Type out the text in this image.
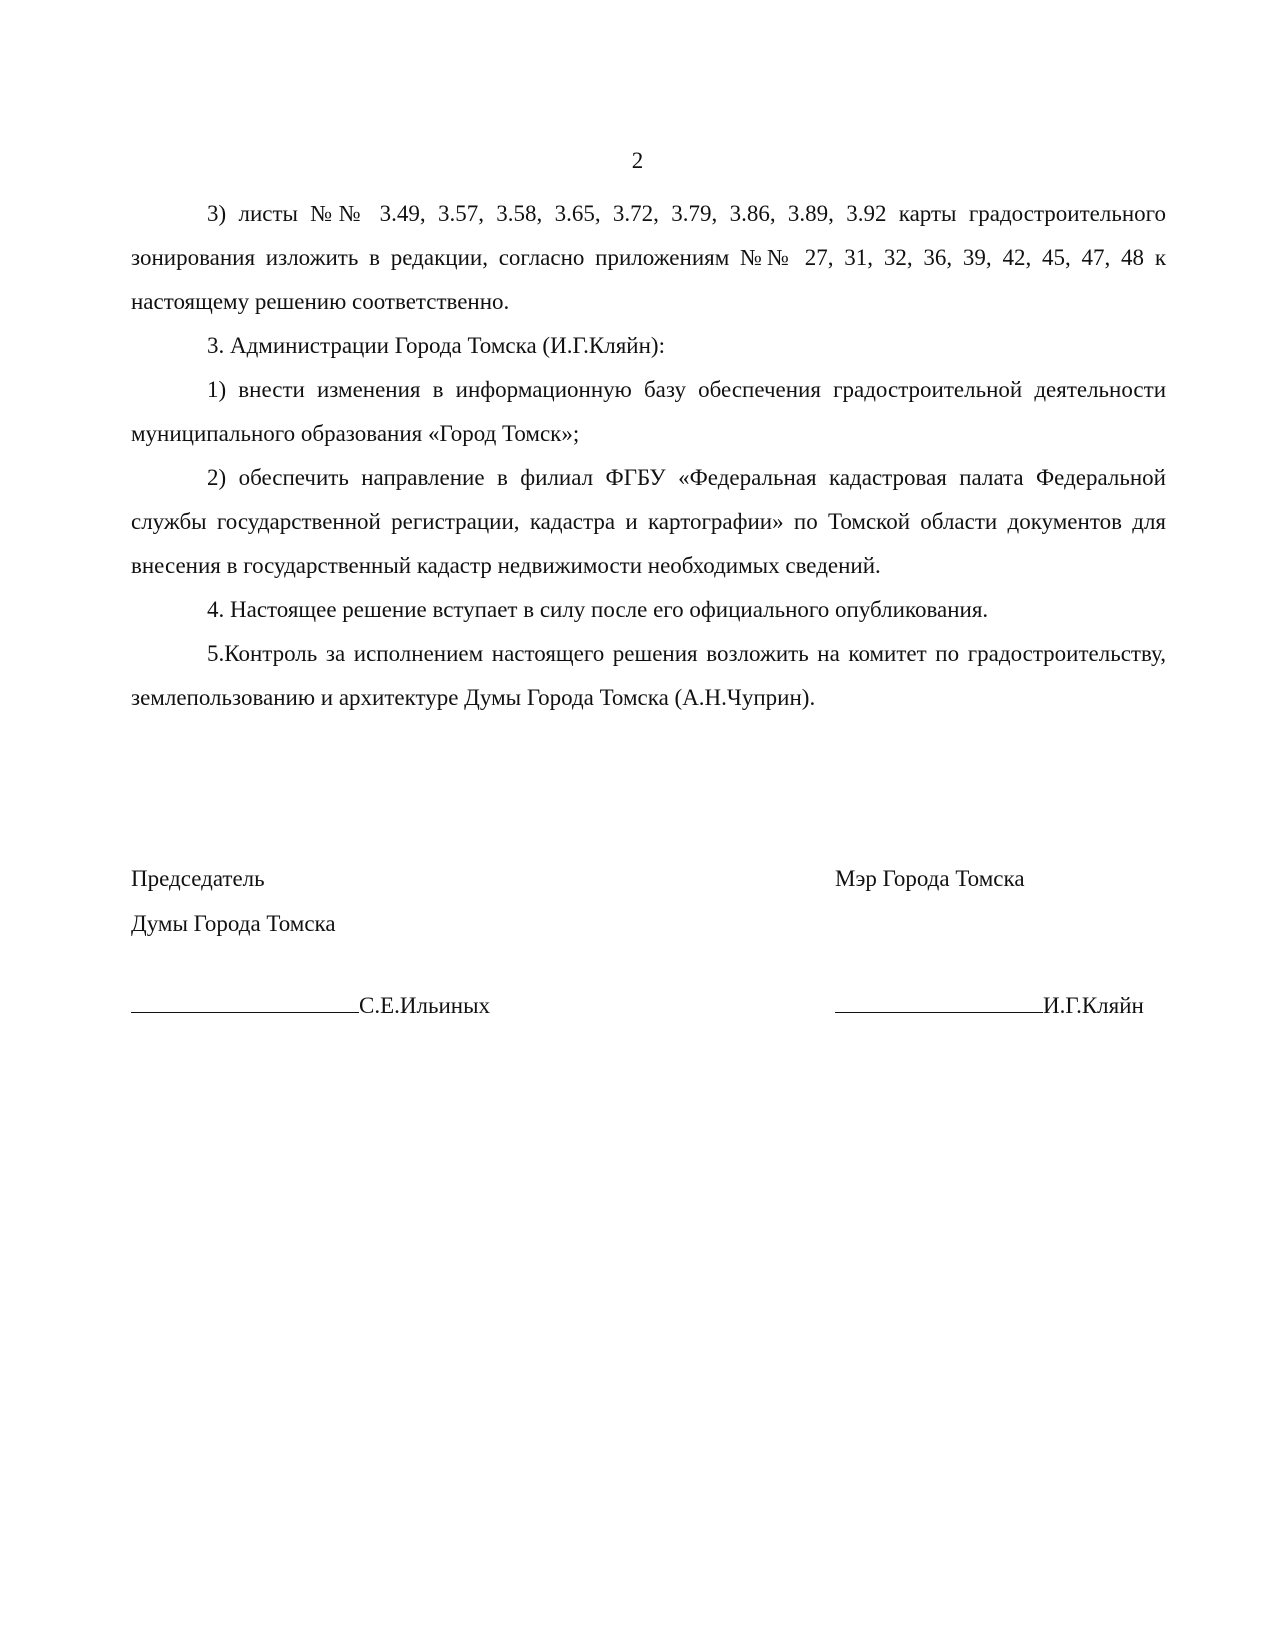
2

3) листы №№ 3.49, 3.57, 3.58, 3.65, 3.72, 3.79, 3.86, 3.89, 3.92 карты градостроительного зонирования изложить в редакции, согласно приложениям №№ 27, 31, 32, 36, 39, 42, 45, 47, 48 к настоящему решению соответственно.

3. Администрации Города Томска (И.Г.Кляйн):

1) внести изменения в информационную базу обеспечения градостроительной деятельности муниципального образования «Город Томск»;

2) обеспечить направление в филиал ФГБУ «Федеральная кадастровая палата Федеральной службы государственной регистрации, кадастра и картографии» по Томской области документов для внесения в государственный кадастр недвижимости необходимых сведений.

4. Настоящее решение вступает в силу после его официального опубликования.

5.Контроль за исполнением настоящего решения возложить на комитет по градостроительству, землепользованию и архитектуре Думы Города Томска (А.Н.Чуприн).

Председатель
Думы Города Томска
Мэр Города Томска
С.Е.Ильиных	И.Г.Кляйн
